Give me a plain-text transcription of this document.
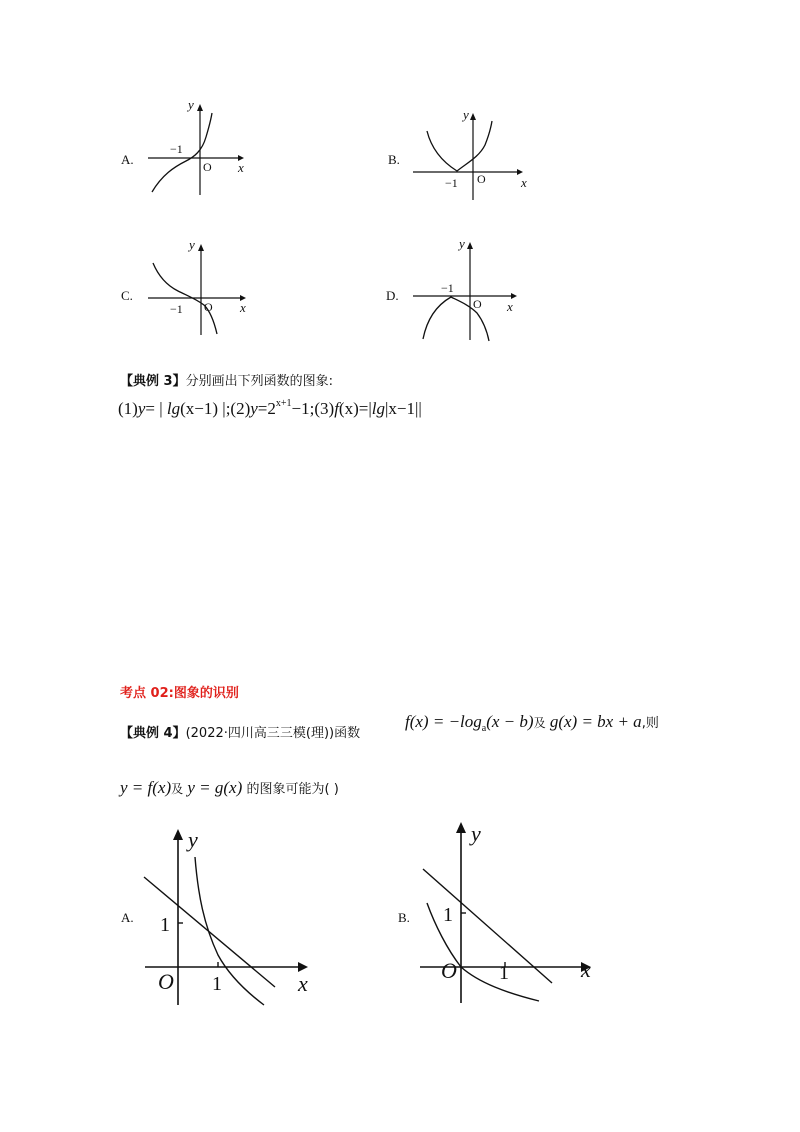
A.
x
y
O
−1
B.
x
y
O
−1
C.
x
y
O
−1
D.
x
y
O
−1
【典例 3】分别画出下列函数的图象:
(1)y= | lg(x−1) $|;(2)y=2^{x+1}-1;(3)f(x)=|\lg|x-1||$
考点 02:图象的识别
【典例 4】(2022·四川高三三模(理))函数
$f(x) = -\log_a(x - b)$及 g(x) = bx + a,则
y = f(x)及 y = g(x) 的图象可能为( )
A.
x
y
O 1
1	B.
x
y
O 1
1
